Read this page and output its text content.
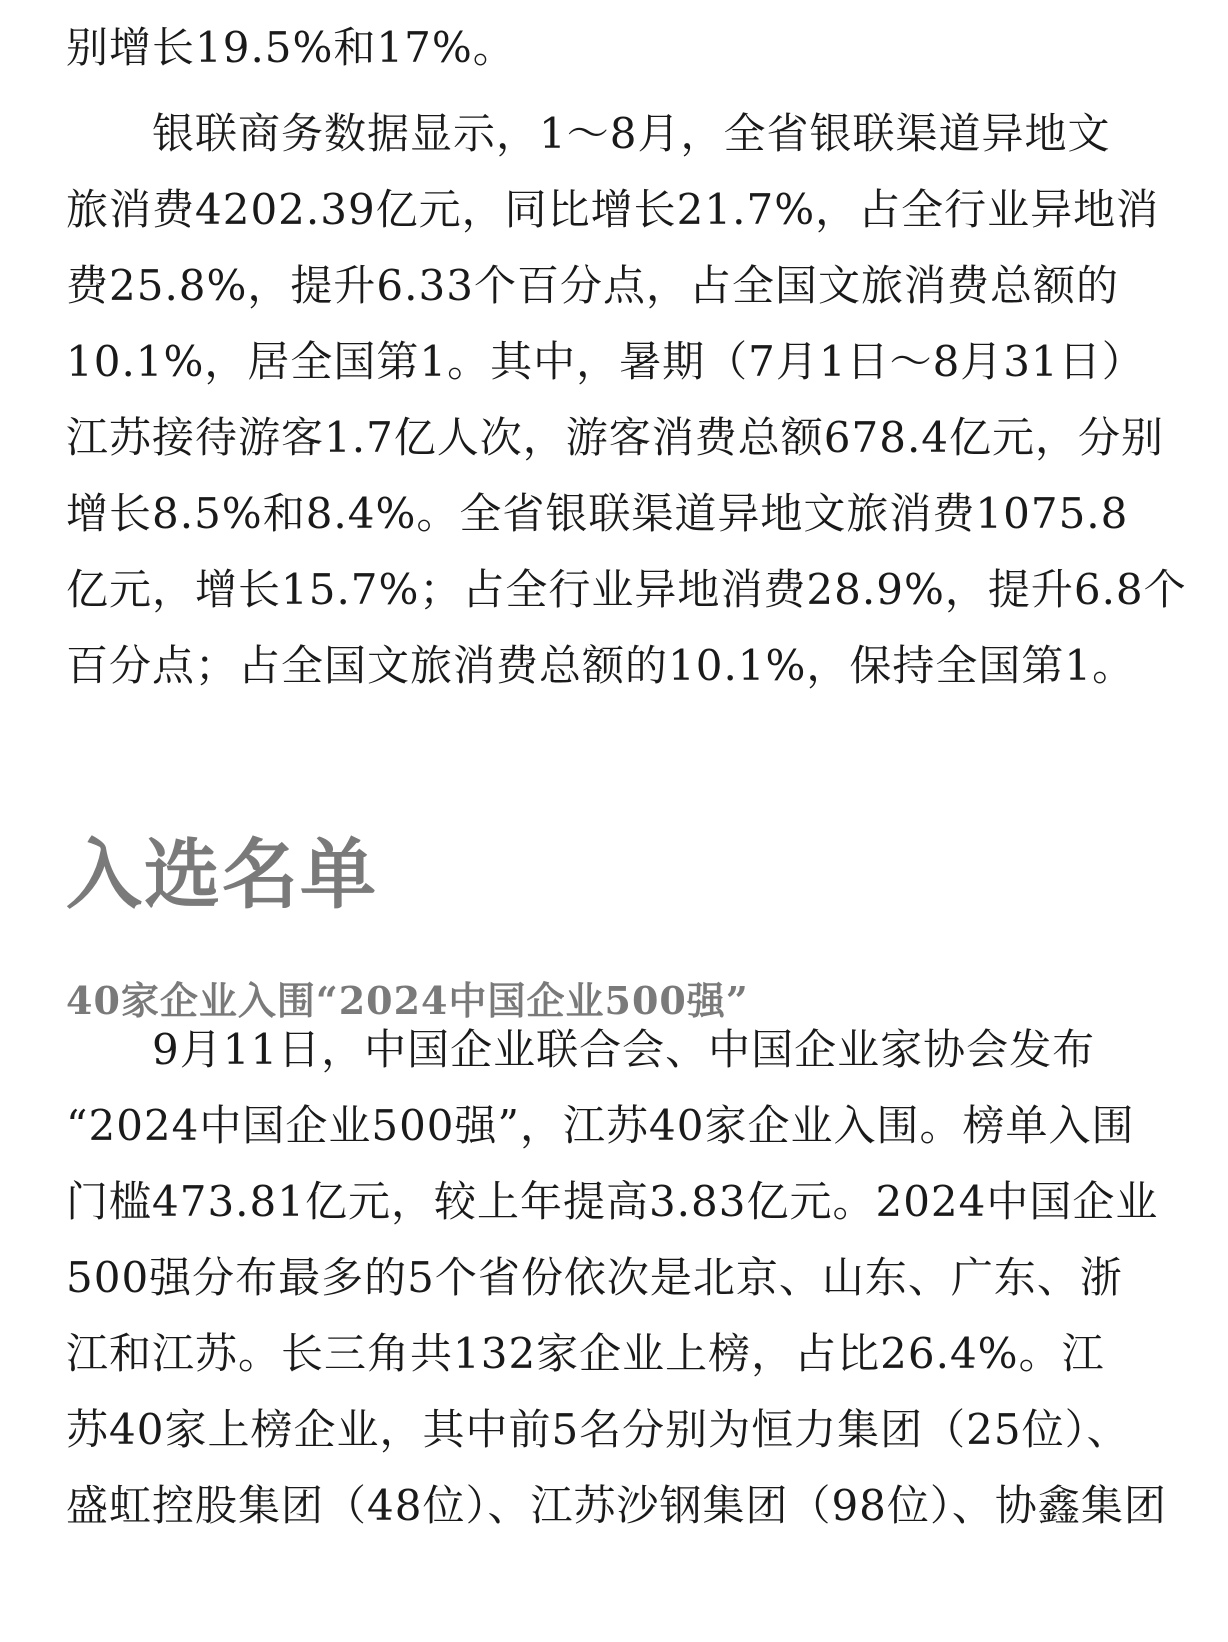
别增长19.5%和17%。
　　银联商务数据显示，1～8月，全省银联渠道异地文
旅消费4202.39亿元，同比增长21.7%，占全行业异地消
费25.8%，提升6.33个百分点，占全国文旅消费总额的
10.1%，居全国第1。其中，暑期（7月1日～8月31日）
江苏接待游客1.7亿人次，游客消费总额678.4亿元，分别
增长8.5%和8.4%。全省银联渠道异地文旅消费1075.8
亿元，增长15.7%；占全行业异地消费28.9%，提升6.8个
百分点；占全国文旅消费总额的10.1%，保持全国第1。
入选名单
40家企业入围“2024中国企业500强”
　　9月11日，中国企业联合会、中国企业家协会发布
“2024中国企业500强”，江苏40家企业入围。榜单入围
门槛473.81亿元，较上年提高3.83亿元。2024中国企业
500强分布最多的5个省份依次是北京、山东、广东、浙
江和江苏。长三角共132家企业上榜，占比26.4%。江
苏40家上榜企业，其中前5名分别为恒力集团（25位）、
盛虹控股集团（48位）、江苏沙钢集团（98位）、协鑫集团
